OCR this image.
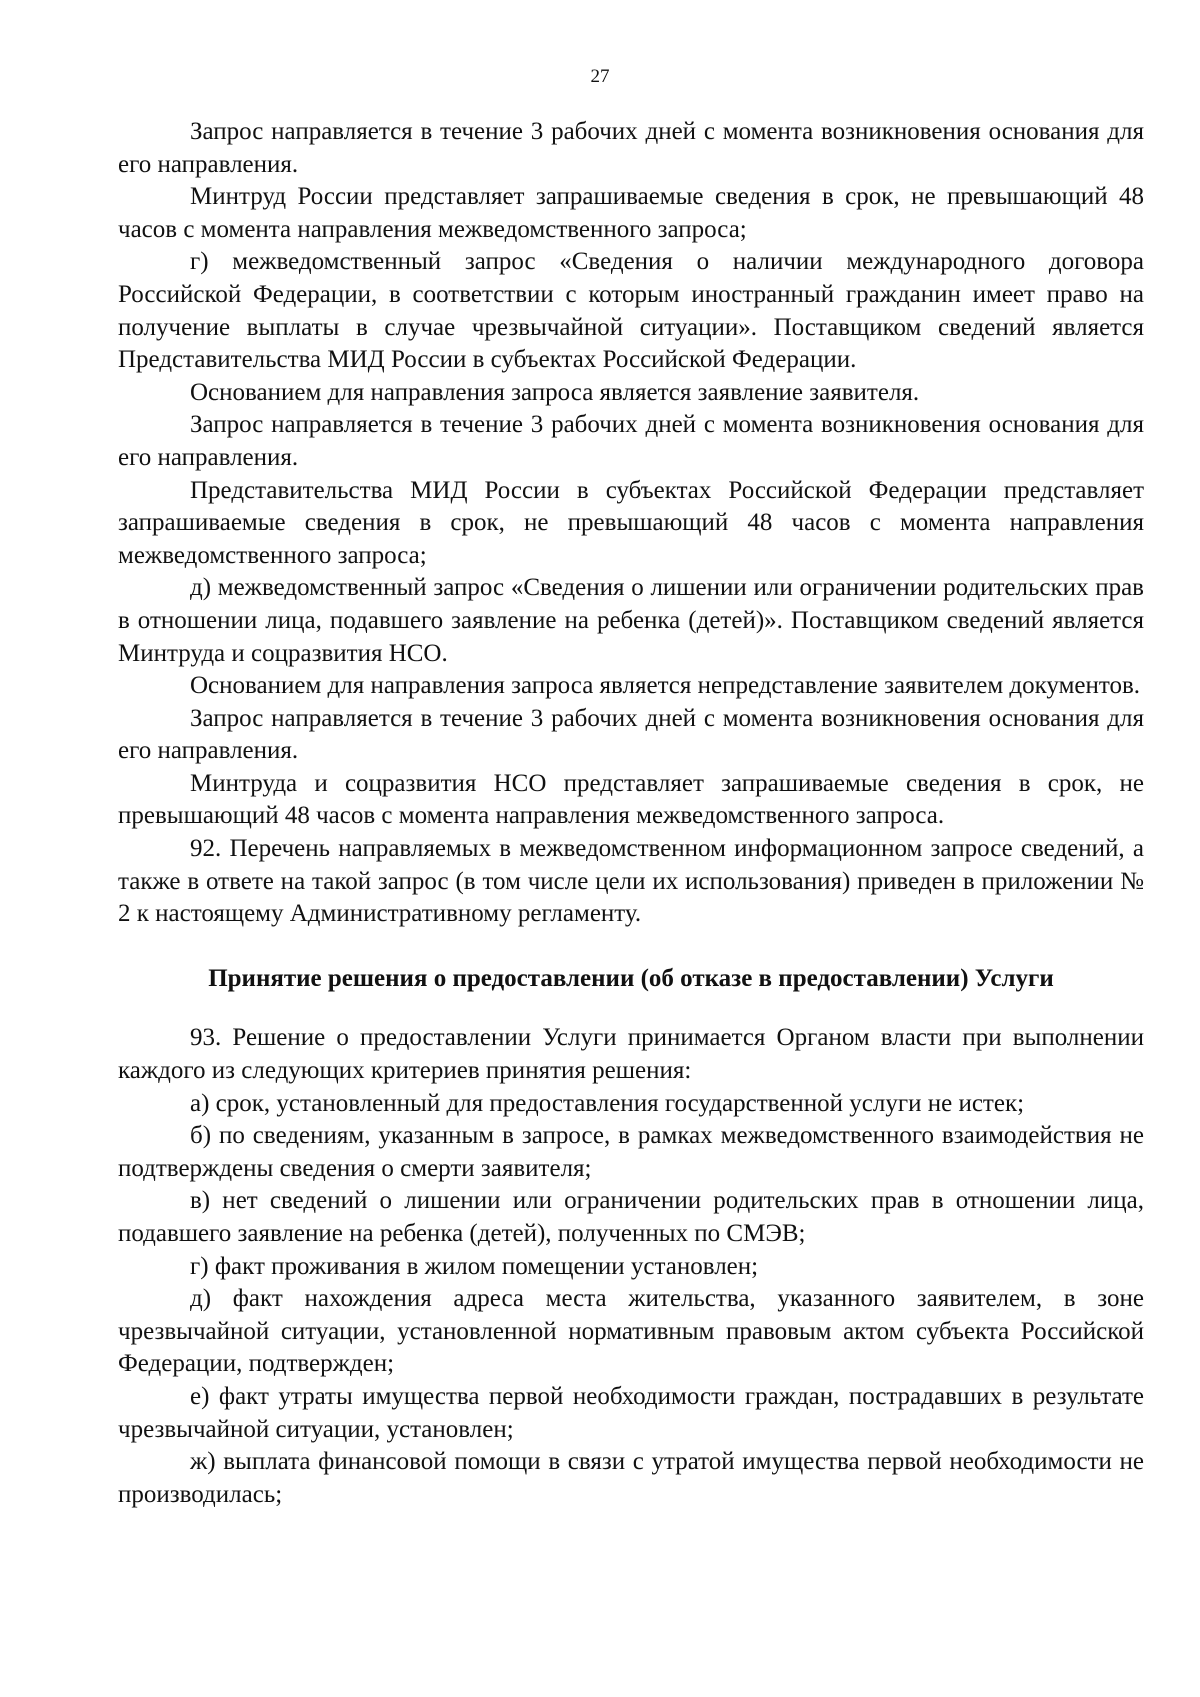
27

Запрос направляется в течение 3 рабочих дней с момента возникновения основания для его направления.

Минтруд России представляет запрашиваемые сведения в срок, не превышающий 48 часов с момента направления межведомственного запроса;

г) межведомственный запрос «Сведения о наличии международного договора Российской Федерации, в соответствии с которым иностранный гражданин имеет право на получение выплаты в случае чрезвычайной ситуации». Поставщиком сведений является Представительства МИД России в субъектах Российской Федерации.

Основанием для направления запроса является заявление заявителя.

Запрос направляется в течение 3 рабочих дней с момента возникновения основания для его направления.

Представительства МИД России в субъектах Российской Федерации представляет запрашиваемые сведения в срок, не превышающий 48 часов с момента направления межведомственного запроса;

д) межведомственный запрос «Сведения о лишении или ограничении родительских прав в отношении лица, подавшего заявление на ребенка (детей)». Поставщиком сведений является Минтруда и соцразвития НСО.

Основанием для направления запроса является непредставление заявителем документов.

Запрос направляется в течение 3 рабочих дней с момента возникновения основания для его направления.

Минтруда и соцразвития НСО представляет запрашиваемые сведения в срок, не превышающий 48 часов с момента направления межведомственного запроса.

92. Перечень направляемых в межведомственном информационном запросе сведений, а также в ответе на такой запрос (в том числе цели их использования) приведен в приложении № 2 к настоящему Административному регламенту.

Принятие решения о предоставлении (об отказе в предоставлении) Услуги

93. Решение о предоставлении Услуги принимается Органом власти при выполнении каждого из следующих критериев принятия решения:

а) срок, установленный для предоставления государственной услуги не истек;

б) по сведениям, указанным в запросе, в рамках межведомственного взаимодействия не подтверждены сведения о смерти заявителя;

в) нет сведений о лишении или ограничении родительских прав в отношении лица, подавшего заявление на ребенка (детей), полученных по СМЭВ;

г) факт проживания в жилом помещении установлен;

д) факт нахождения адреса места жительства, указанного заявителем, в зоне чрезвычайной ситуации, установленной нормативным правовым актом субъекта Российской Федерации, подтвержден;

е) факт утраты имущества первой необходимости граждан, пострадавших в результате чрезвычайной ситуации, установлен;

ж) выплата финансовой помощи в связи с утратой имущества первой необходимости не производилась;
